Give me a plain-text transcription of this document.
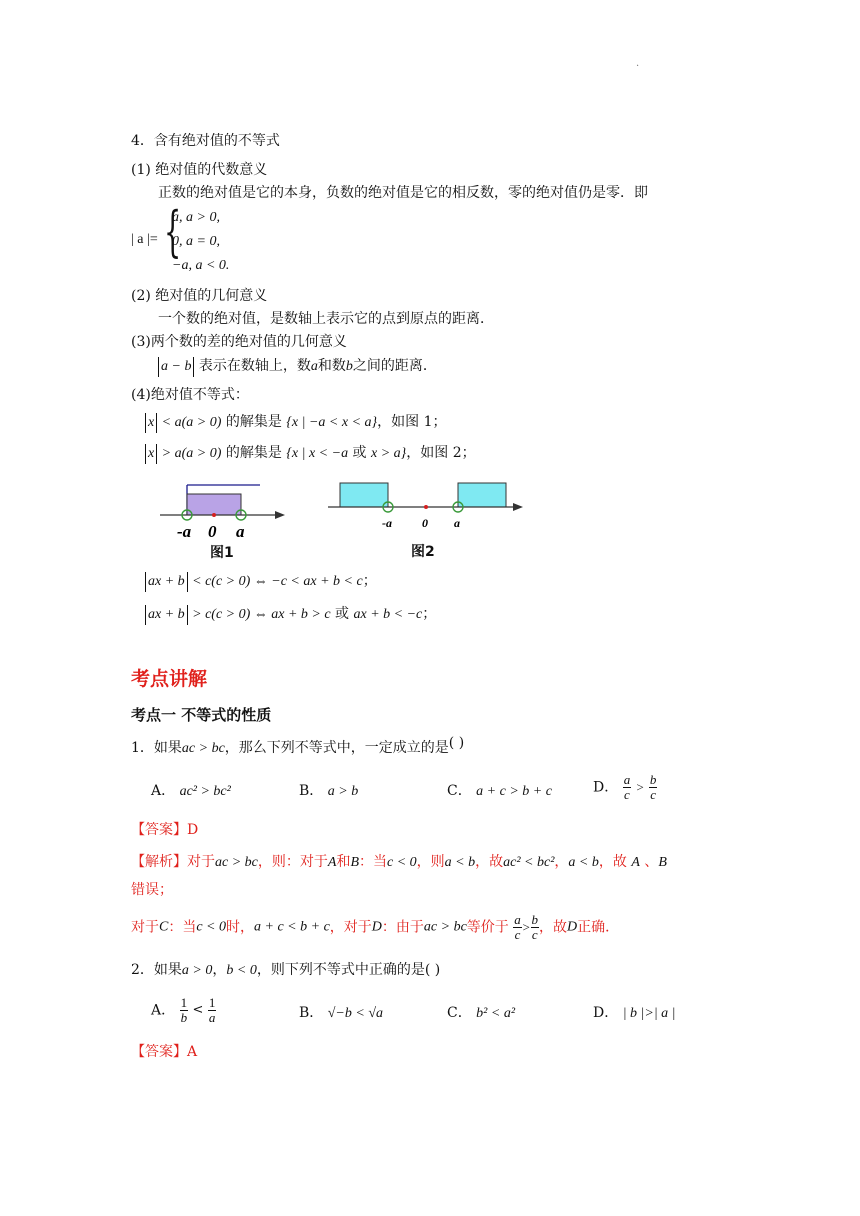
.
4．含有绝对值的不等式
(1) 绝对值的代数意义
正数的绝对值是它的本身，负数的绝对值是它的相反数，零的绝对值仍是零．即
| a |= {
a, a > 0,
0, a = 0,
−a, a < 0.
(2) 绝对值的几何意义
一个数的绝对值，是数轴上表示它的点到原点的距离．
(3)两个数的差的绝对值的几何意义
a − b 表示在数轴上，数a和数b之间的距离．
(4)绝对值不等式：
x < a(a > 0) 的解集是 {x | −a < x < a}，如图 1；
x > a(a > 0) 的解集是 {x | x < −a 或 x > a}，如图 2；
-a 0 a
图1
-a	0 a
图2
ax + b < c(c > 0) ⇔ −c < ax + b < c；
ax + b > c(c > 0) ⇔ ax + b > c 或 ax + b < −c；
考点讲解
考点一 不等式的性质
1．如果ac > bc，那么下列不等式中，一定成立的是( )
A． ac² > bc²	B． a > b	C． a + c > b + c	D． $\frac{a}{c} > \frac{b}{c}$
【答案】D
【解析】对于ac > bc，则：对于A和B：当c < 0，则a < b，故ac² < bc²，a < b，故 A 、B
错误；
对于C：当c < 0时，a + c < b + c，对于D：由于ac > bc等价于 $\frac{a}{c} > \frac{b}{c}$ ，故D正确．
2．如果a > 0，b < 0，则下列不等式中正确的是( )
A． $\frac{1}{b} < \frac{1}{a}$	B． √−b < √a	C． b² < a²	D． | b |>| a |
【答案】A
